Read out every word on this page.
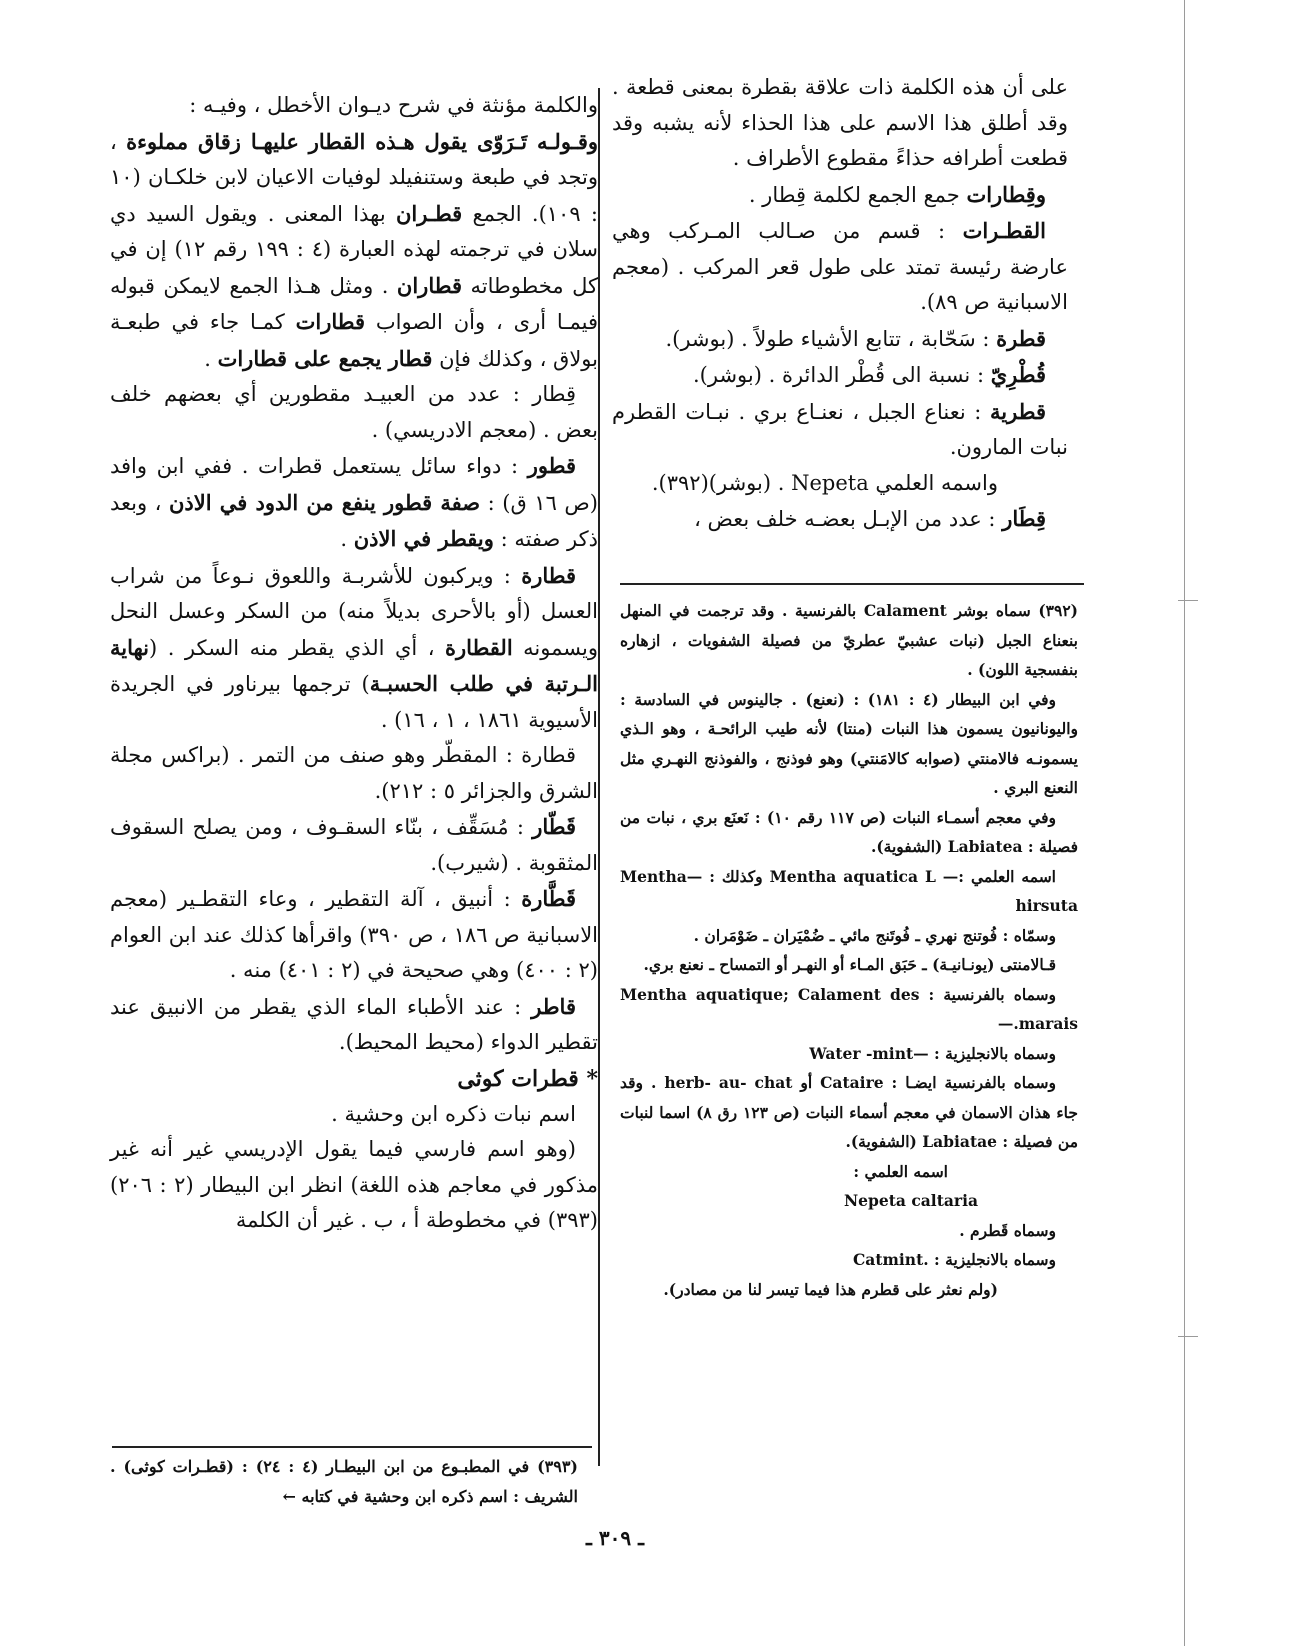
على أن هذه الكلمة ذات علاقة بقطرة بمعنى قطعة . وقد أطلق هذا الاسم على هذا الحذاء لأنه يشبه وقد قطعت أطرافه حذاءً مقطوع الأطراف .

وقِطارات جمع الجمع لكلمة قِطار .

القطـرات : قسم من صـالب المـركب وهي عارضة رئيسة تمتد على طول قعر المركب . (معجم الاسبانية ص ٨٩).

قطرة : سَحّابة ، تتابع الأشياء طولاً . (بوشر).

قُطْرِيّ : نسبة الى قُطْر الدائرة . (بوشر).

قطرية : نعناع الجبل ، نعنـاع بري . نبـات القطرم نبات المارون.

واسمه العلمي Nepeta . (بوشر)(٣٩٢).

قِطَار : عدد من الإبـل بعضـه خلف بعض ،

(٣٩٢) سماه بوشر Calament بالفرنسية . وقد ترجمت في المنهل بنعناع الجبل (نبات عشبيّ عطريّ من فصيلة الشفويات ، ازهاره بنفسجية اللون) .

وفي ابن البيطار (٤ : ١٨١) : (نعنع) . جالينوس في السادسة : واليونانيون يسمون هذا النبات (منتا) لأنه طيب الرائحـة ، وهو الـذي يسمونـه فالامنتي (صوابه كالامَنتي) وهو فوذنج ، والفوذنج النهـري مثل النعنع البري .

وفي معجم أسمـاء النبات (ص ١١٧ رقم ١٠) : نَعنَع بري ، نبات من فصيلة : Labiatea (الشفوية).

اسمه العلمي :— Mentha aquatica L وكذلك : —Mentha hirsuta

وسمّاه : فُوتنج نهري ـ فُوتَنج مائي ـ ضُمْيَران ـ ضَوْمَران .

قـالامنتى (يونـانيـة) ـ حَبَق المـاء أو النهـر أو التمساح ـ نعنع بري.

وسماه بالفرنسية : Mentha aquatique; Calament des marais.—

وسماه بالانجليزية : —Water -mint

وسماه بالفرنسية ايضـا : Cataire أو herb- au- chat . وقد جاء هذان الاسمان في معجم أسماء النبات (ص ١٢٣ رق ٨) اسما لنبات من فصيلة : Labiatae (الشفوية).

اسمه العلمي :

Nepeta caltaria

وسماه قَطرم .

وسماه بالانجليزية : .Catmint

(ولم نعثر على قطرم هذا فيما تيسر لنا من مصادر).

والكلمة مؤنثة في شرح ديـوان الأخطل ، وفيـه :

وقـولـه تَـرَوّى يقول هـذه القطار عليهـا زقاق مملوءة ، وتجد في طبعة وستنفيلد لوفيات الاعيان لابن خلكـان (١٠ : ١٠٩). الجمع قطـران بهذا المعنى . ويقول السيد دي سلان في ترجمته لهذه العبارة (٤ : ١٩٩ رقم ١٢) إن في كل مخطوطاته قطاران . ومثل هـذا الجمع لايمكن قبوله فيمـا أرى ، وأن الصواب قطارات كمـا جاء في طبعـة بولاق ، وكذلك فإن قطار يجمع على قطارات .

قِطار : عدد من العبيـد مقطورين أي بعضهم خلف بعض . (معجم الادريسي) .

قطور : دواء سائل يستعمل قطرات . ففي ابن وافد (ص ١٦ ق) : صفة قطور ينفع من الدود في الاذن ، وبعد ذكر صفته : ويقطر في الاذن .

قطارة : ويركبون للأشربـة واللعوق نـوعاً من شراب العسل (أو بالأحرى بديلاً منه) من السكر وعسل النحل ويسمونه القطارة ، أي الذي يقطر منه السكر . (نهاية الـرتبة في طلب الحسبـة) ترجمها بيرناور في الجريدة الأسيوية ١٨٦١ ، ١ ، ١٦) .

قطارة : المقطّر وهو صنف من التمر . (براكس مجلة الشرق والجزائر ٥ : ٢١٢).

قَطّار : مُسَقِّف ، بنّاء السقـوف ، ومن يصلح السقوف المثقوبة . (شيرب).

قَطَّارة : أنبيق ، آلة التقطير ، وعاء التقطـير (معجم الاسبانية ص ١٨٦ ، ص ٣٩٠) واقرأها كذلك عند ابن العوام (٢ : ٤٠٠) وهي صحيحة في (٢ : ٤٠١) منه .

قاطر : عند الأطباء الماء الذي يقطر من الانبيق عند تقطير الدواء (محيط المحيط).

* قطرات كوثى

اسم نبات ذكره ابن وحشية .

(وهو اسم فارسي فيما يقول الإدريسي غير أنه غير مذكور في معاجم هذه اللغة) انظر ابن البيطار (٢ : ٢٠٦)(٣٩٣) في مخطوطة أ ، ب . غير أن الكلمة

(٣٩٣) في المطبـوع من ابن البيطـار (٤ : ٢٤) : (قطـرات كوثى) . الشريف : اسم ذكره ابن وحشية في كتابه ←

ـ ٣٠٩ ـ
